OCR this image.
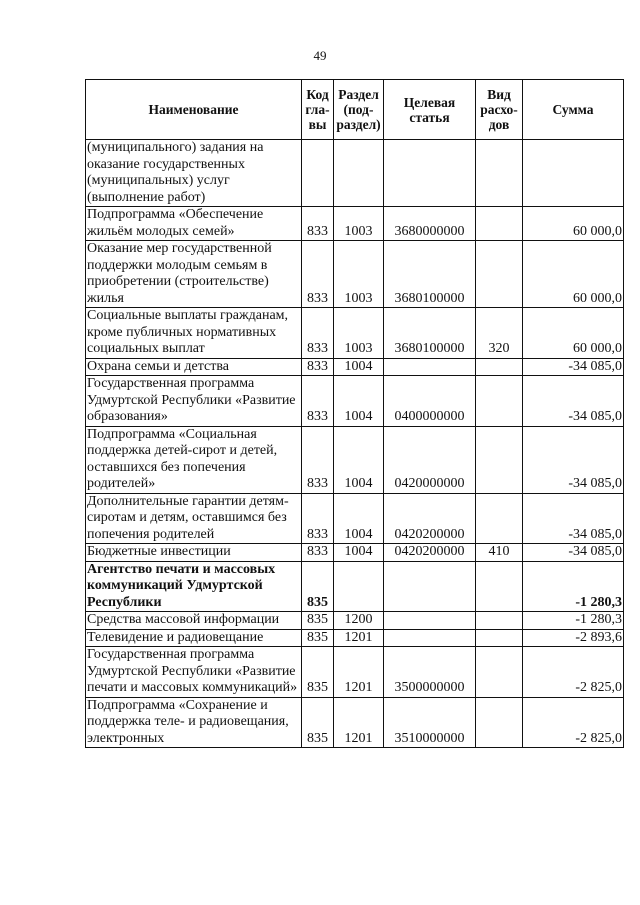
49
Наименование	Код гла-вы	Раздел (под-раздел)	Целевая статья	Вид расхо-дов	Сумма
(муниципального) задания на оказание государственных (муниципальных) услуг (выполнение работ)					
Подпрограмма «Обеспечение жильём молодых семей»	833	1003	3680000000		60 000,0
Оказание мер государственной поддержки молодым семьям в приобретении (строительстве) жилья	833	1003	3680100000		60 000,0
Социальные выплаты гражданам, кроме публичных нормативных социальных выплат	833	1003	3680100000	320	60 000,0
Охрана семьи и детства	833	1004			-34 085,0
Государственная программа Удмуртской Республики «Развитие образования»	833	1004	0400000000		-34 085,0
Подпрограмма «Социальная поддержка детей-сирот и детей, оставшихся без попечения родителей»	833	1004	0420000000		-34 085,0
Дополнительные гарантии детям-сиротам и детям, оставшимся без попечения родителей	833	1004	0420200000		-34 085,0
Бюджетные инвестиции	833	1004	0420200000	410	-34 085,0
Агентство печати и массовых коммуникаций Удмуртской Республики	835				-1 280,3
Средства массовой информации	835	1200			-1 280,3
Телевидение и радиовещание	835	1201			-2 893,6
Государственная программа Удмуртской Республики «Развитие печати и массовых коммуникаций»	835	1201	3500000000		-2 825,0
Подпрограмма «Сохранение и поддержка теле- и радиовещания, электронных	835	1201	3510000000		-2 825,0
